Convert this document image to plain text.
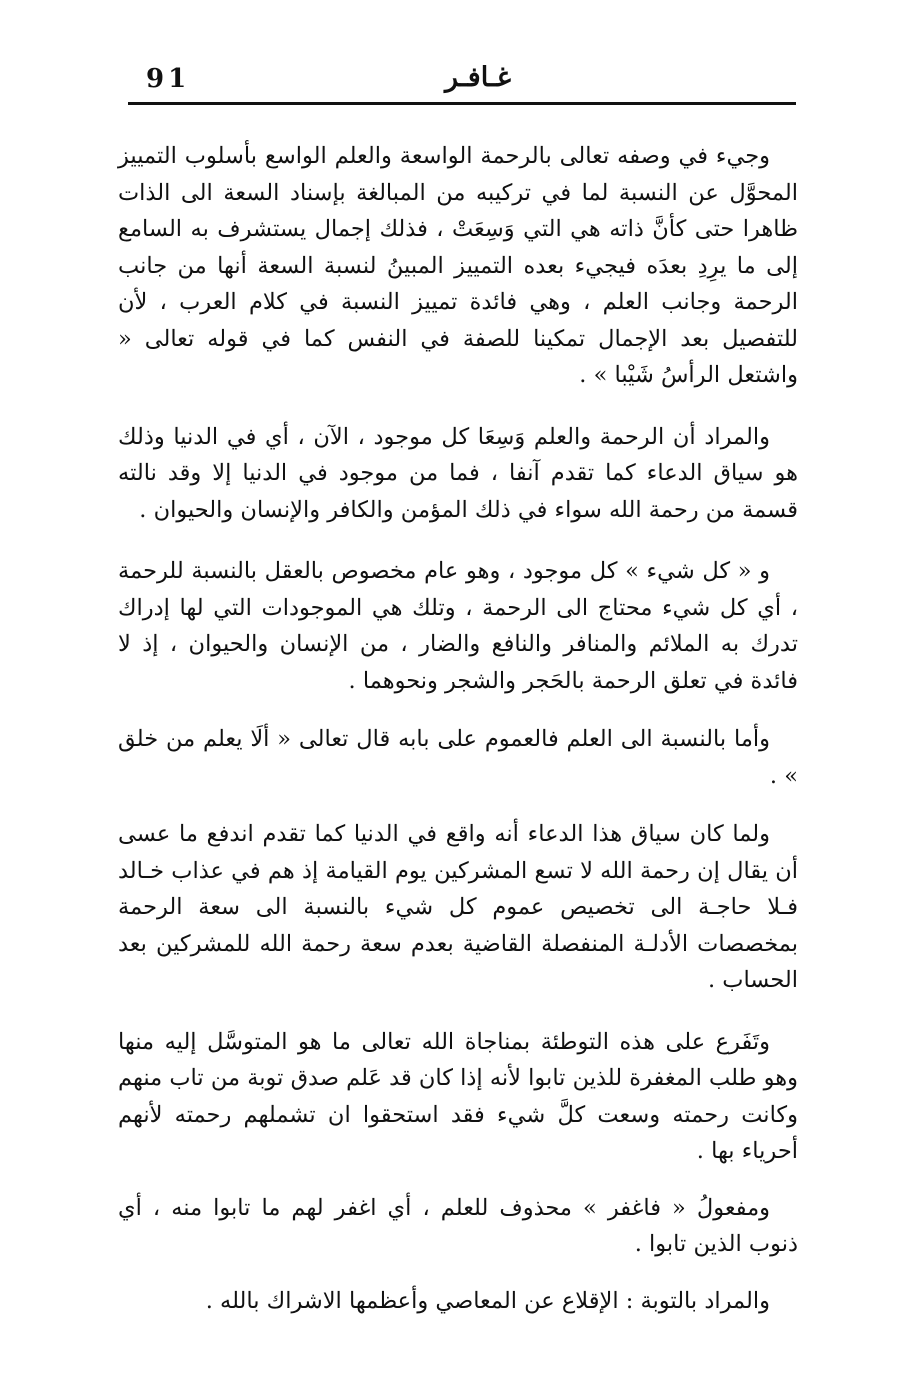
91	غـافـر

وجيء في وصفه تعالى بالرحمة الواسعة والعلم الواسع بأسلوب التمييز المحوَّل عن النسبة لما في تركيبه من المبالغة بإسناد السعة الى الذات ظاهرا حتى كأنَّ ذاته هي التي وَسِعَتْ ، فذلك إجمال يستشرف به السامع إلى ما يرِدِ بعدَه فيجيء بعده التمييز المبينُ لنسبة السعة أنها من جانب الرحمة وجانب العلم ، وهي فائدة تمييز النسبة في كلام العرب ، لأن للتفصيل بعد الإجمال تمكينا للصفة في النفس كما في قوله تعالى « واشتعل الرأسُ شَيْبا » .

والمراد أن الرحمة والعلم وَسِعَا كل موجود ، الآن ، أي في الدنيا وذلك هو سياق الدعاء كما تقدم آنفا ، فما من موجود في الدنيا إلا وقد نالته قسمة من رحمة الله سواء في ذلك المؤمن والكافر والإنسان والحيوان .

و « كل شيء » كل موجود ، وهو عام مخصوص بالعقل بالنسبة للرحمة ، أي كل شيء محتاج الى الرحمة ، وتلك هي الموجودات التي لها إدراك تدرك به الملائم والمنافر والنافع والضار ، من الإنسان والحيوان ، إذ لا فائدة في تعلق الرحمة بالحَجر والشجر ونحوهما .

وأما بالنسبة الى العلم فالعموم على بابه قال تعالى « ألَا يعلم من خلق » .

ولما كان سياق هذا الدعاء أنه واقع في الدنيا كما تقدم اندفع ما عسى أن يقال إن رحمة الله لا تسع المشركين يوم القيامة إذ هم في عذاب خـالد فـلا حاجـة الى تخصيص عموم كل شيء بالنسبة الى سعة الرحمة بمخصصات الأدلـة المنفصلة القاضية بعدم سعة رحمة الله للمشركين بعد الحساب .

وتَفَرع على هذه التوطئة بمناجاة الله تعالى ما هو المتوسَّل إليه منها وهو طلب المغفرة للذين تابوا لأنه إذا كان قد عَلم صدق توبة من تاب منهم وكانت رحمته وسعت كلَّ شيء فقد استحقوا ان تشملهم رحمته لأنهم أحرياء بها .

ومفعولُ « فاغفر » محذوف للعلم ، أي اغفر لهم ما تابوا منه ، أي ذنوب الذين تابوا .

والمراد بالتوبة : الإقلاع عن المعاصي وأعظمها الاشراك بالله .
